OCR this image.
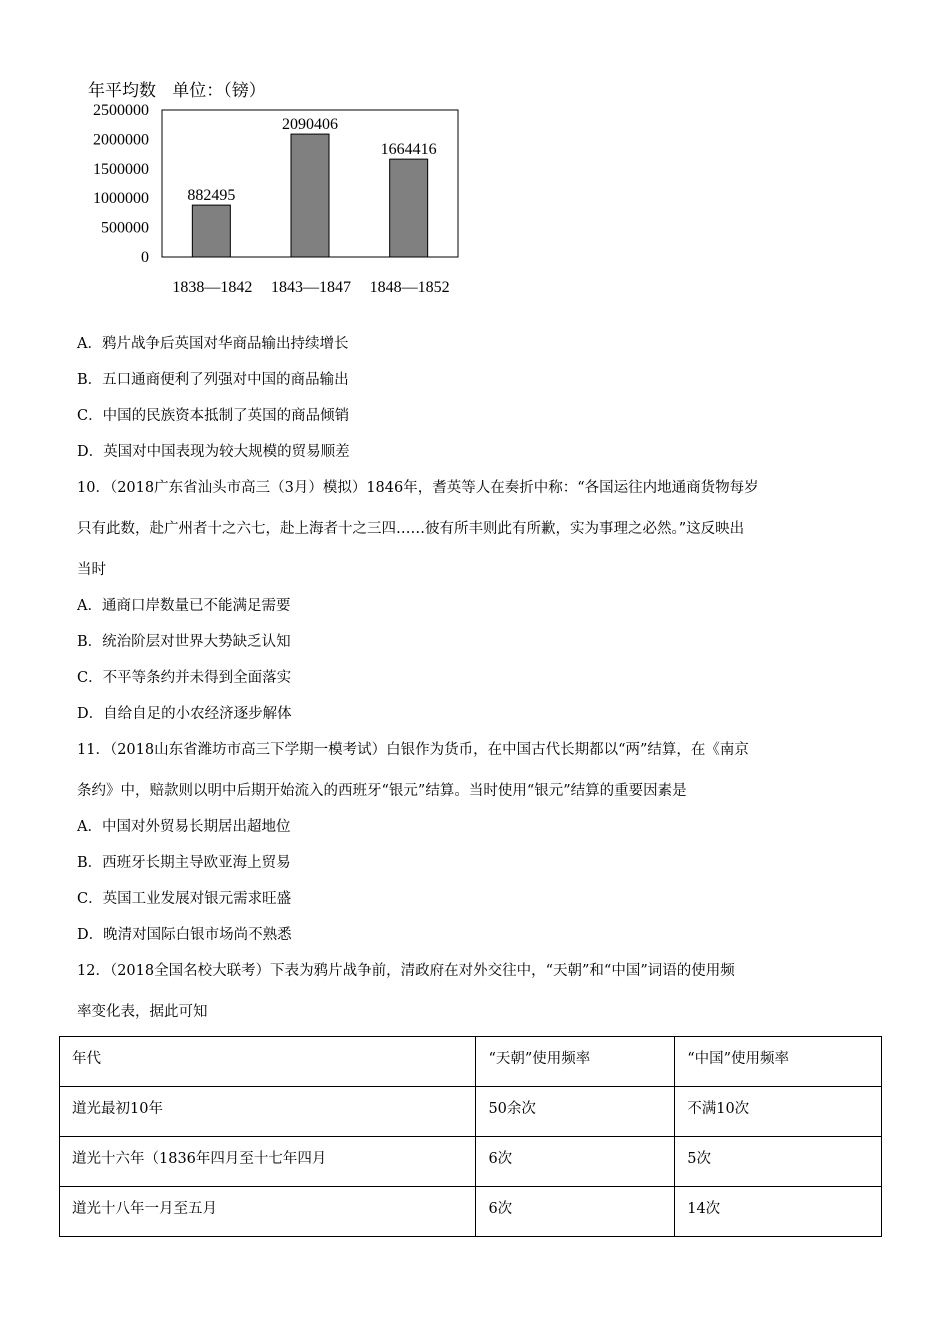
2500000
2000000
1500000
1000000
500000
0
882495
1838—1842
2090406
1843—1847
1664416
1848—1852
年平均数   单位：（镑）
A．鸦片战争后英国对华商品输出持续增长
B．五口通商便利了列强对中国的商品输出
C．中国的民族资本抵制了英国的商品倾销
D．英国对中国表现为较大规模的贸易顺差
10．（2018广东省汕头市高三（3月）模拟）1846年，耆英等人在奏折中称：“各国运往内地通商货物每岁
只有此数，赴广州者十之六七，赴上海者十之三四……彼有所丰则此有所歉，实为事理之必然。”这反映出
当时
A．通商口岸数量已不能满足需要
B．统治阶层对世界大势缺乏认知
C．不平等条约并未得到全面落实
D．自给自足的小农经济逐步解体
11．（2018山东省潍坊市高三下学期一模考试）白银作为货币，在中国古代长期都以“两”结算，在《南京
条约》中，赔款则以明中后期开始流入的西班牙“银元”结算。当时使用“银元”结算的重要因素是
A．中国对外贸易长期居出超地位
B．西班牙长期主导欧亚海上贸易
C．英国工业发展对银元需求旺盛
D．晚清对国际白银市场尚不熟悉
12．（2018全国名校大联考）下表为鸦片战争前，清政府在对外交往中，“天朝”和“中国”词语的使用频
率变化表，据此可知
年代	“天朝”使用频率	“中国”使用频率
道光最初10年	50余次	不满10次
道光十六年（1836年四月至十七年四月	6次	5次
道光十八年一月至五月	6次	14次
